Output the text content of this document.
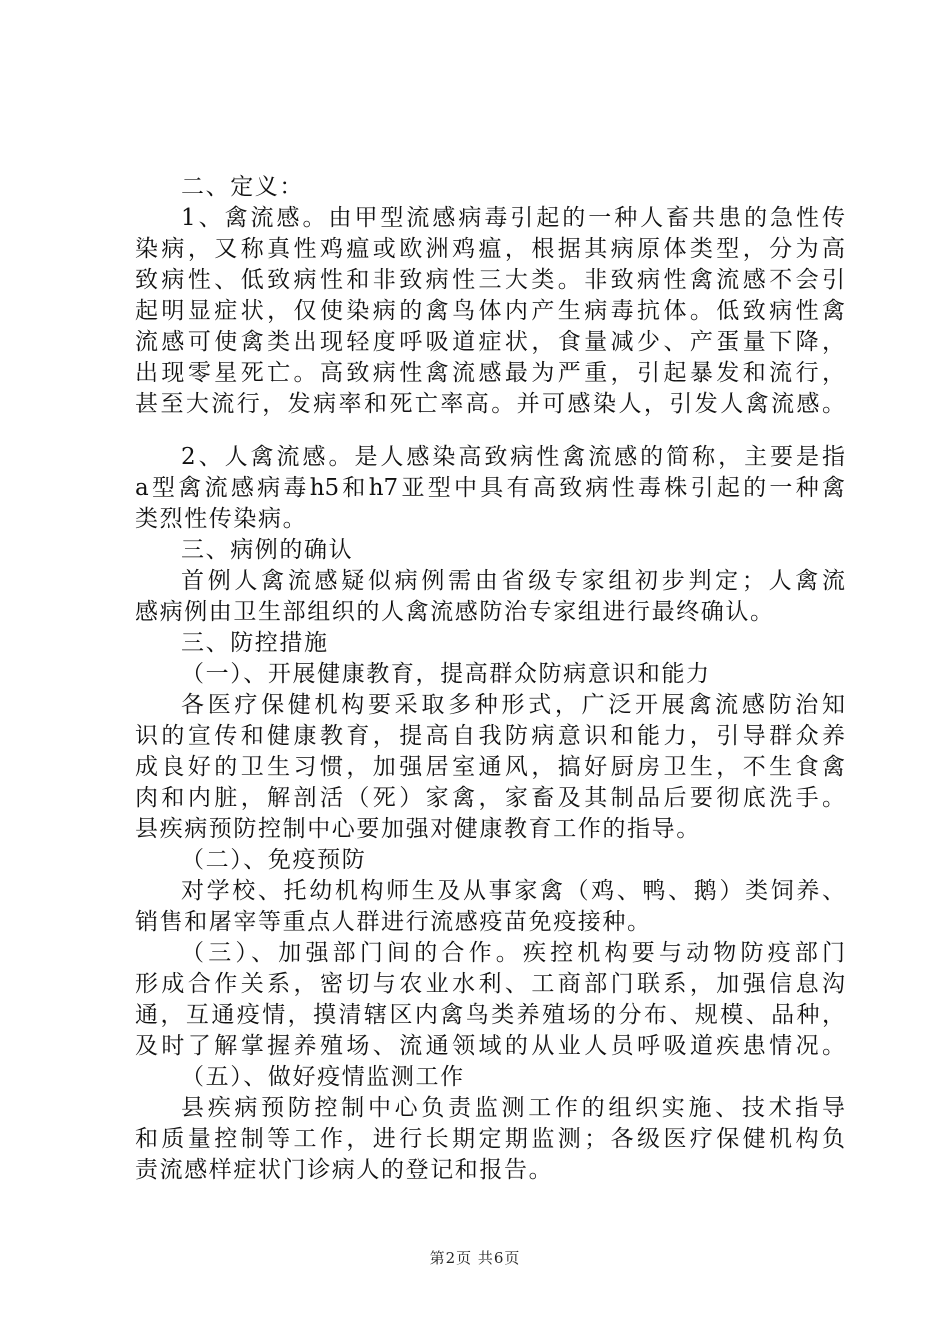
二、定义：
1、禽流感。由甲型流感病毒引起的一种人畜共患的急性传
染病，又称真性鸡瘟或欧洲鸡瘟，根据其病原体类型，分为高
致病性、低致病性和非致病性三大类。非致病性禽流感不会引
起明显症状，仅使染病的禽鸟体内产生病毒抗体。低致病性禽
流感可使禽类出现轻度呼吸道症状，食量减少、产蛋量下降，
出现零星死亡。高致病性禽流感最为严重，引起暴发和流行，
甚至大流行，发病率和死亡率高。并可感染人，引发人禽流感。
2、人禽流感。是人感染高致病性禽流感的简称，主要是指
a型禽流感病毒h5和h7亚型中具有高致病性毒株引起的一种禽
类烈性传染病。
三、病例的确认
首例人禽流感疑似病例需由省级专家组初步判定；人禽流
感病例由卫生部组织的人禽流感防治专家组进行最终确认。
三、防控措施
（一）、开展健康教育，提高群众防病意识和能力
各医疗保健机构要采取多种形式，广泛开展禽流感防治知
识的宣传和健康教育，提高自我防病意识和能力，引导群众养
成良好的卫生习惯，加强居室通风，搞好厨房卫生，不生食禽
肉和内脏，解剖活（死）家禽，家畜及其制品后要彻底洗手。
县疾病预防控制中心要加强对健康教育工作的指导。
（二）、免疫预防
对学校、托幼机构师生及从事家禽（鸡、鸭、鹅）类饲养、
销售和屠宰等重点人群进行流感疫苗免疫接种。
（三）、加强部门间的合作。疾控机构要与动物防疫部门
形成合作关系，密切与农业水利、工商部门联系，加强信息沟
通，互通疫情，摸清辖区内禽鸟类养殖场的分布、规模、品种，
及时了解掌握养殖场、流通领域的从业人员呼吸道疾患情况。
（五）、做好疫情监测工作
县疾病预防控制中心负责监测工作的组织实施、技术指导
和质量控制等工作，进行长期定期监测；各级医疗保健机构负
责流感样症状门诊病人的登记和报告。
第2页 共6页
